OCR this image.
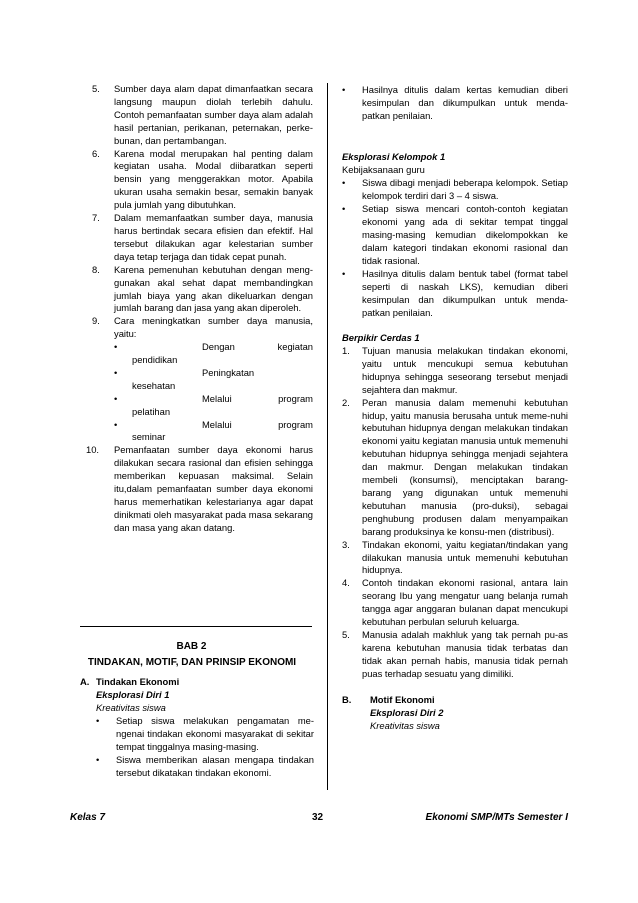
5.	Sumber daya alam dapat dimanfaatkan secara langsung maupun diolah terlebih dahulu. Contoh pemanfaatan sumber daya alam adalah hasil pertanian, perikanan, peternakan, perke-bunan, dan pertambangan.
6.	Karena modal merupakan hal penting dalam kegiatan usaha. Modal diibaratkan seperti bensin yang menggerakkan motor. Apabila ukuran usaha semakin besar, semakin banyak pula jumlah yang dibutuhkan.
7.	Dalam memanfaatkan sumber daya, manusia harus bertindak secara efisien dan efektif. Hal tersebut dilakukan agar kelestarian sumber daya tetap terjaga dan tidak cepat punah.
8.	Karena pemenuhan kebutuhan dengan meng-gunakan akal sehat dapat membandingkan jumlah biaya yang akan dikeluarkan dengan jumlah barang dan jasa yang akan diperoleh.
9.	Cara meningkatkan sumber daya manusia, yaitu:
•	Dengan	kegiatan
pendidikan
•	Peningkatan
kesehatan
•	Melalui	program
pelatihan
•	Melalui	program
seminar
10.	Pemanfaatan sumber daya ekonomi harus dilakukan secara rasional dan efisien sehingga memberikan kepuasan maksimal. Selain itu,dalam pemanfaatan sumber daya ekonomi harus memerhatikan kelestarianya agar dapat dinikmati oleh masyarakat pada masa sekarang dan masa yang akan datang.
BAB 2
TINDAKAN, MOTIF, DAN PRINSIP EKONOMI
A. Tindakan Ekonomi
Eksplorasi Diri 1
Kreativitas siswa
•	Setiap siswa melakukan pengamatan me-ngenai tindakan ekonomi masyarakat di sekitar tempat tinggalnya masing-masing.
•	Siswa memberikan alasan mengapa tindakan tersebut dikatakan tindakan ekonomi.
•	Hasilnya ditulis dalam kertas kemudian diberi kesimpulan dan dikumpulkan untuk menda-patkan penilaian.
Eksplorasi Kelompok 1
Kebijaksanaan guru
•	Siswa dibagi menjadi beberapa kelompok. Setiap kelompok terdiri dari 3 – 4 siswa.
•	Setiap siswa mencari contoh-contoh kegiatan ekonomi yang ada di sekitar tempat tinggal masing-masing kemudian dikelompokkan ke dalam kategori tindakan ekonomi rasional dan tidak rasional.
•	Hasilnya ditulis dalam bentuk tabel (format tabel seperti di naskah LKS), kemudian diberi kesimpulan dan dikumpulkan untuk menda-patkan penilaian.
Berpikir Cerdas 1
1.	Tujuan manusia melakukan tindakan ekonomi, yaitu untuk mencukupi semua kebutuhan hidupnya sehingga seseorang tersebut menjadi sejahtera dan makmur.
2.	Peran manusia dalam memenuhi kebutuhan hidup, yaitu manusia berusaha untuk meme-nuhi kebutuhan hidupnya dengan melakukan tindakan ekonomi yaitu kegiatan manusia untuk memenuhi kebutuhan hidupnya sehingga menjadi sejahtera dan makmur. Dengan melakukan tindakan membeli (konsumsi), menciptakan barang-barang yang digunakan untuk memenuhi kebutuhan manusia (pro-duksi), sebagai penghubung produsen dalam menyampaikan barang produksinya ke konsu-men (distribusi).
3.	Tindakan ekonomi, yaitu kegiatan/tindakan yang dilakukan manusia untuk memenuhi kebutuhan hidupnya.
4.	Contoh tindakan ekonomi rasional, antara lain seorang Ibu yang mengatur uang belanja rumah tangga agar anggaran bulanan dapat mencukupi kebutuhan perbulan seluruh keluarga.
5.	Manusia adalah makhluk yang tak pernah pu-as karena kebutuhan manusia tidak terbatas dan tidak akan pernah habis, manusia tidak pernah puas terhadap sesuatu yang dimiliki.
B.	Motif Ekonomi
Eksplorasi Diri 2
Kreativitas siswa
Kelas 7	32	Ekonomi SMP/MTs Semester I
